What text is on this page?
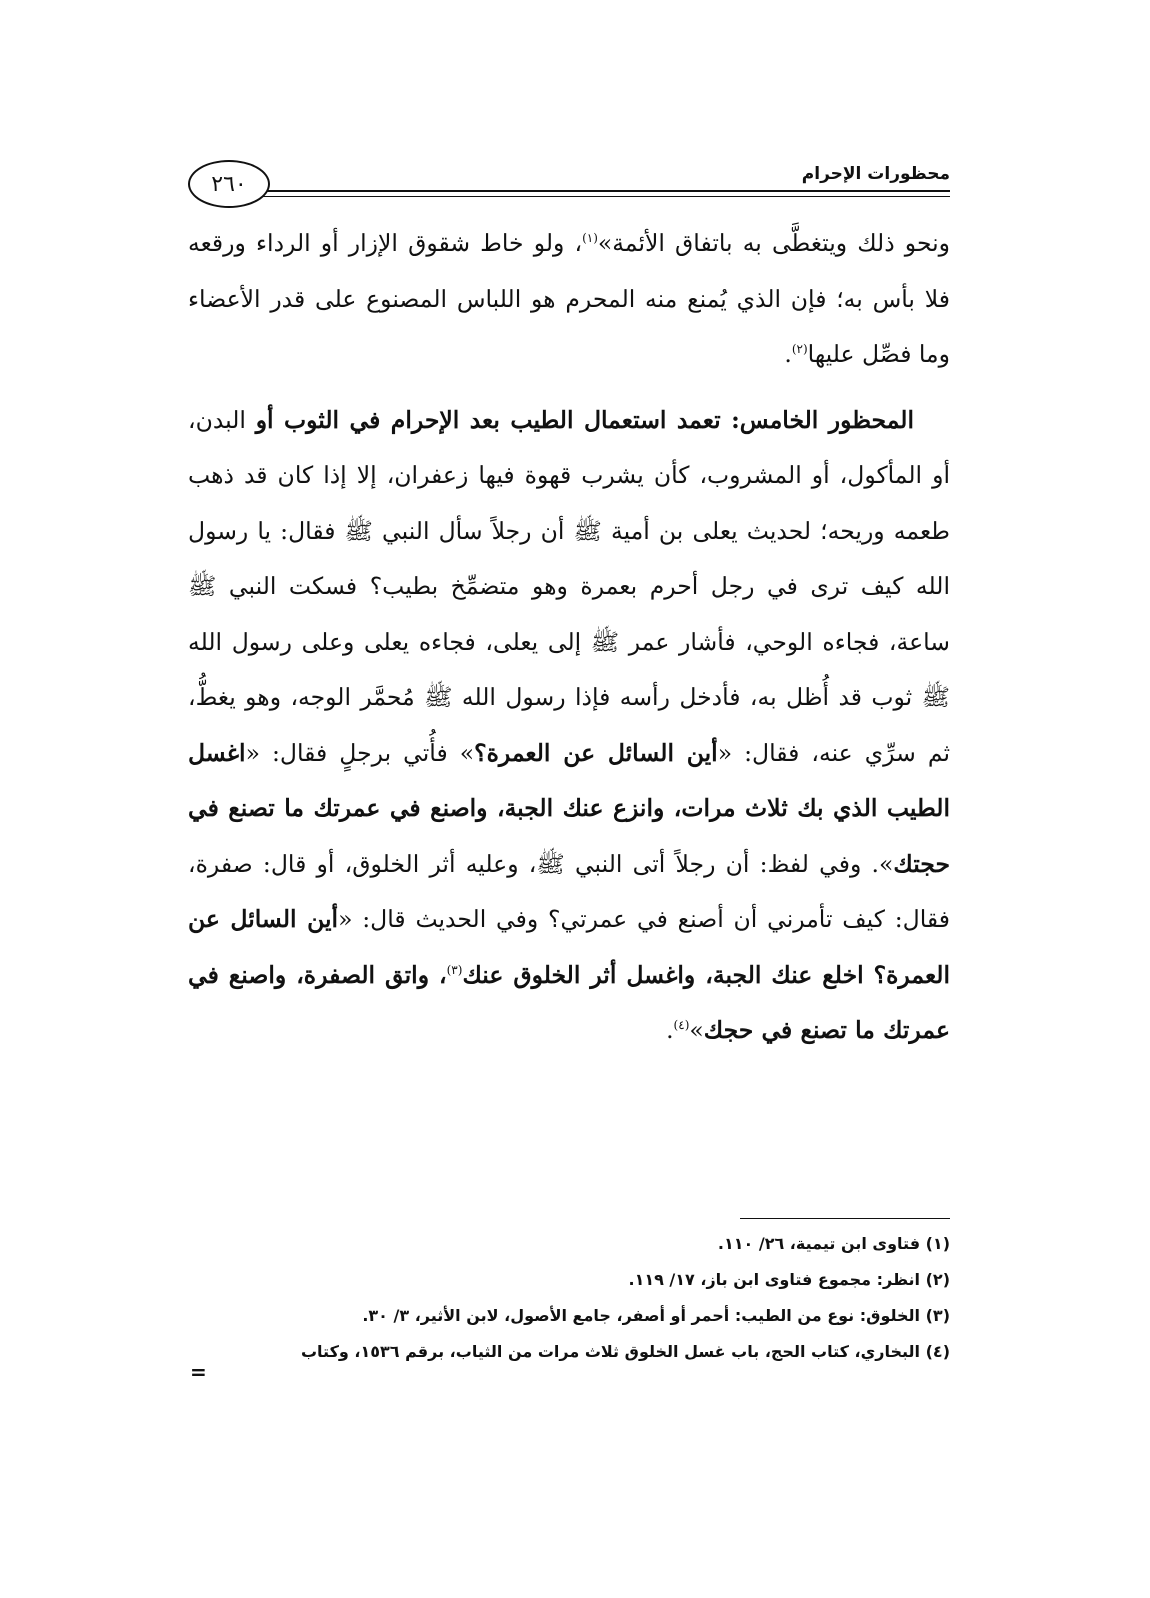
محظورات الإحرام
٢٦٠

ونحو ذلك ويتغطَّى به باتفاق الأئمة»$^{(١)}$، ولو خاط شقوق الإزار أو الرداء ورقعه فلا بأس به؛ فإن الذي يُمنع منه المحرم هو اللباس المصنوع على قدر الأعضاء وما فصِّل عليها$^{(٢)}$.

المحظور الخامس: تعمد استعمال الطيب بعد الإحرام في الثوب أو البدن، أو المأكول، أو المشروب، كأن يشرب قهوة فيها زعفران، إلا إذا كان قد ذهب طعمه وريحه؛ لحديث يعلى بن أمية ﷺ أن رجلاً سأل النبي ﷺ فقال: يا رسول الله كيف ترى في رجل أحرم بعمرة وهو متضمِّخ بطيب؟ فسكت النبي ﷺ ساعة، فجاءه الوحي، فأشار عمر ﷺ إلى يعلى، فجاءه يعلى وعلى رسول الله ﷺ ثوب قد أُظل به، فأدخل رأسه فإذا رسول الله ﷺ مُحمَّر الوجه، وهو يغطُّ، ثم سرِّي عنه، فقال: «أين السائل عن العمرة؟» فأُتي برجلٍ فقال: «اغسل الطيب الذي بك ثلاث مرات، وانزع عنك الجبة، واصنع في عمرتك ما تصنع في حجتك». وفي لفظ: أن رجلاً أتى النبي ﷺ، وعليه أثر الخلوق، أو قال: صفرة، فقال: كيف تأمرني أن أصنع في عمرتي؟ وفي الحديث قال: «أين السائل عن العمرة؟ اخلع عنك الجبة، واغسل أثر الخلوق عنك$^{(٣)}$، واتق الصفرة، واصنع في عمرتك ما تصنع في حجك»$^{(٤)}$.

(١) فتاوى ابن تيمية، ٢٦/ ١١٠.
(٢) انظر: مجموع فتاوى ابن باز، ١٧/ ١١٩.
(٣) الخلوق: نوع من الطيب: أحمر أو أصفر، جامع الأصول، لابن الأثير، ٣/ ٣٠.
(٤) البخاري، كتاب الحج، باب غسل الخلوق ثلاث مرات من الثياب، برقم ١٥٣٦، وكتاب
=
